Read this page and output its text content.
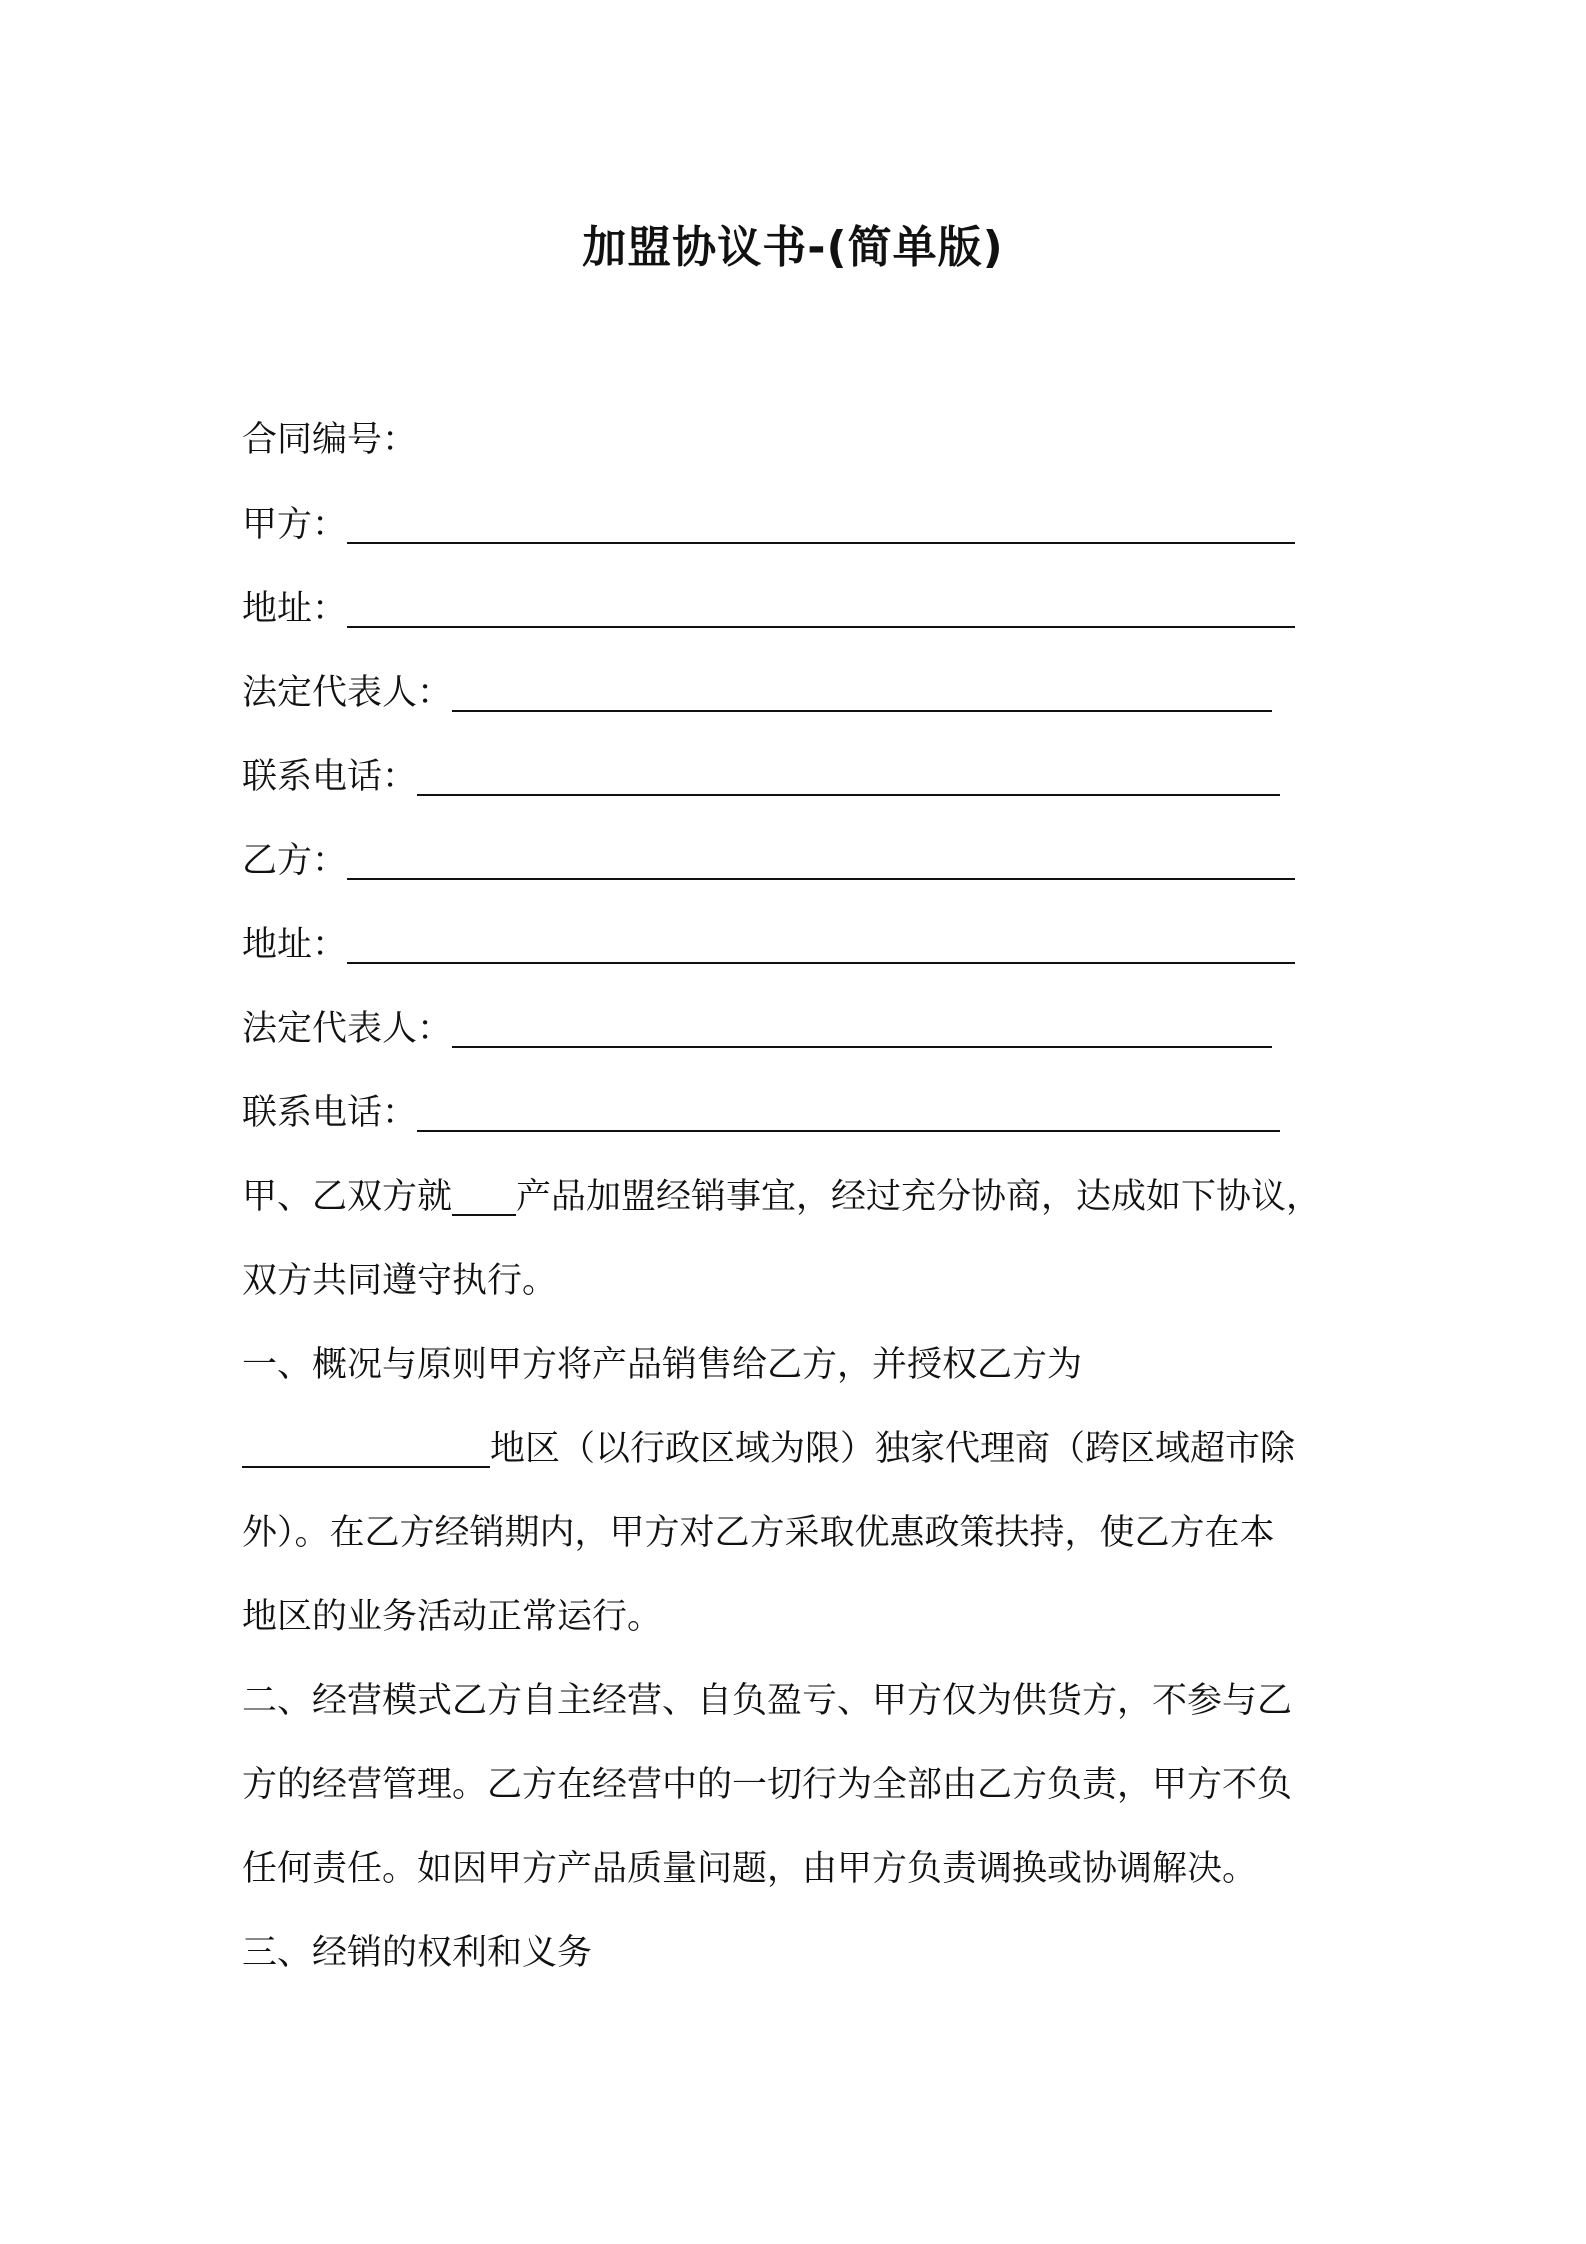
加盟协议书-(简单版)
合同编号：
甲方：
地址：
法定代表人：
联系电话：
乙方：
地址：
法定代表人：
联系电话：
甲、乙双方就 产品加盟经销事宜，经过充分协商，达成如下协议，
双方共同遵守执行。
一、概况与原则甲方将产品销售给乙方，并授权乙方为
地区（以行政区域为限）独家代理商（跨区域超市除
外）。在乙方经销期内，甲方对乙方采取优惠政策扶持，使乙方在本
地区的业务活动正常运行。
二、经营模式乙方自主经营、自负盈亏、甲方仅为供货方，不参与乙
方的经营管理。乙方在经营中的一切行为全部由乙方负责，甲方不负
任何责任。如因甲方产品质量问题，由甲方负责调换或协调解决。
三、经销的权利和义务
